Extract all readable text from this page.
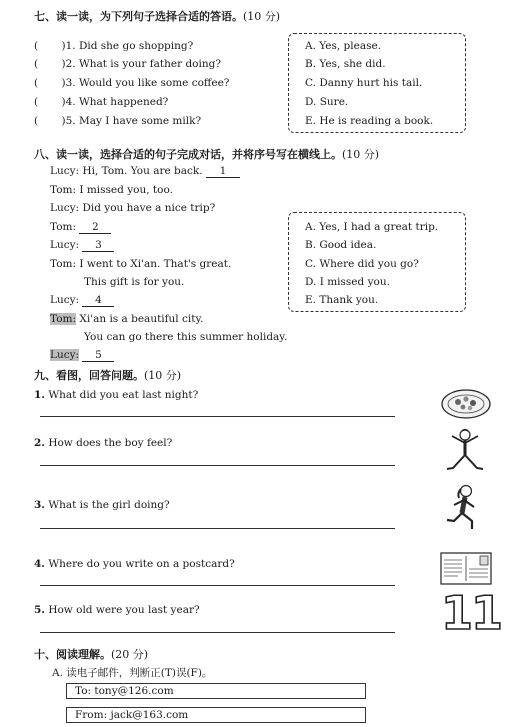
七、读一读，为下列句子选择合适的答语。(10 分)
(       )1. Did she go shopping?
(       )2. What is your father doing?
(       )3. Would you like some coffee?
(       )4. What happened?
(       )5. May I have some milk?
A. Yes, please.
B. Yes, she did.
C. Danny hurt his tail.
D. Sure.
E. He is reading a book.
八、读一读，选择合适的句子完成对话，并将序号写在横线上。(10 分)
Lucy: Hi, Tom. You are back. 1
Tom: I missed you, too.
Lucy: Did you have a nice trip?
Tom: 2
Lucy: 3
Tom: I went to Xi'an. That's great.
This gift is for you.
Lucy: 4
Tom: Xi'an is a beautiful city.
You can go there this summer holiday.
Lucy: 5
A. Yes, I had a great trip.
B. Good idea.
C. Where did you go?
D. I missed you.
E. Thank you.
九、看图，回答问题。(10 分)
1. What did you eat last night?
2. How does the boy feel?
3. What is the girl doing?
4. Where do you write on a postcard?
5. How old were you last year?	11
十、阅读理解。(20 分)
A. 读电子邮件，判断正(T)误(F)。
To: tony@126.com
From: jack@163.com
